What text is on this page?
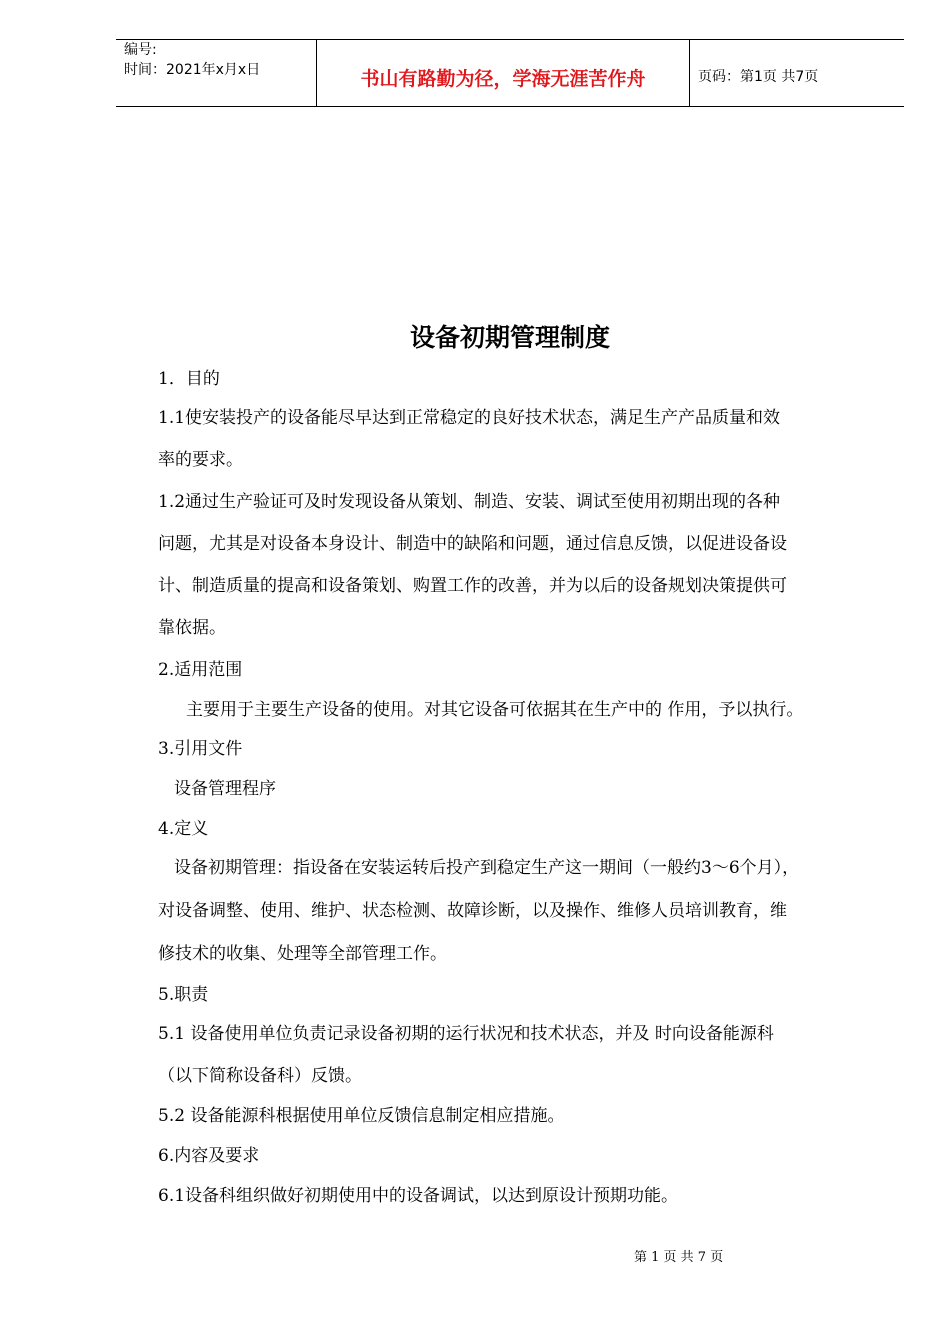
编号:
时间：2021年x月x日	书山有路勤为径，学海无涯苦作舟	页码：第1页 共7页
设备初期管理制度
1．目的
1.1使安装投产的设备能尽早达到正常稳定的良好技术状态，满足生产产品质量和效
率的要求。
1.2通过生产验证可及时发现设备从策划、制造、安装、调试至使用初期出现的各种
问题，尤其是对设备本身设计、制造中的缺陷和问题，通过信息反馈，以促进设备设
计、制造质量的提高和设备策划、购置工作的改善，并为以后的设备规划决策提供可
靠依据。
2.适用范围
主要用于主要生产设备的使用。对其它设备可依据其在生产中的 作用，予以执行。
3.引用文件
设备管理程序
4.定义
设备初期管理：指设备在安装运转后投产到稳定生产这一期间（一般约3～6个月），
对设备调整、使用、维护、状态检测、故障诊断，以及操作、维修人员培训教育，维
修技术的收集、处理等全部管理工作。
5.职责
5.1 设备使用单位负责记录设备初期的运行状况和技术状态，并及 时向设备能源科
（以下简称设备科）反馈。
5.2 设备能源科根据使用单位反馈信息制定相应措施。
6.内容及要求
6.1设备科组织做好初期使用中的设备调试，以达到原设计预期功能。
第 1 页 共 7 页
